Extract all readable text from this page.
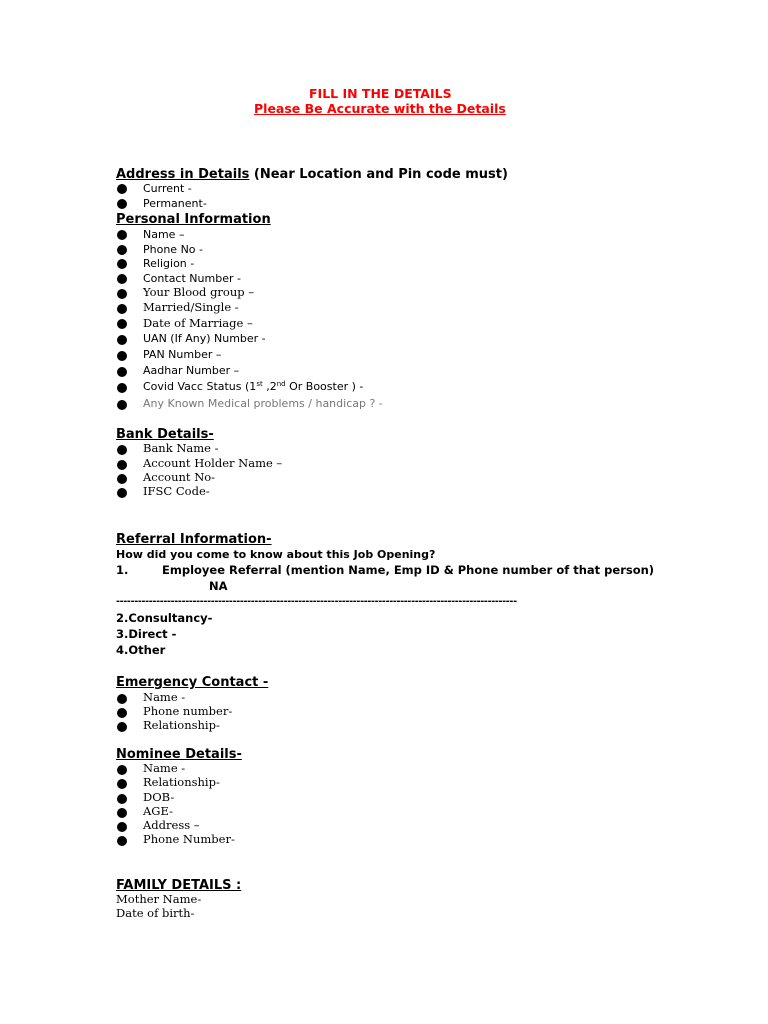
FILL IN THE DETAILS
Please Be Accurate with the Details
Address in Details (Near Location and Pin code must)
Current -
Permanent-
Personal Information
Name –
Phone No -
Religion -
Contact Number -
Your Blood group –
Married/Single -
Date of Marriage –
UAN (If Any) Number -
PAN Number –
Aadhar Number –
Covid Vacc Status (1st ,2nd Or Booster ) -
Any Known Medical problems / handicap ? -
Bank Details-
Bank Name -
Account Holder Name –
Account No-
IFSC Code-
Referral Information-
How did you come to know about this Job Opening?
1.	Employee Referral (mention Name, Emp ID & Phone number of that person)
NA
--------------------------------------------------------------------------------------------------------------
2.Consultancy-
3.Direct -
4.Other
Emergency Contact -
Name -
Phone number-
Relationship-
Nominee Details-
Name -
Relationship-
DOB-
AGE-
Address –
Phone Number-
FAMILY DETAILS :
Mother Name-
Date of birth-
